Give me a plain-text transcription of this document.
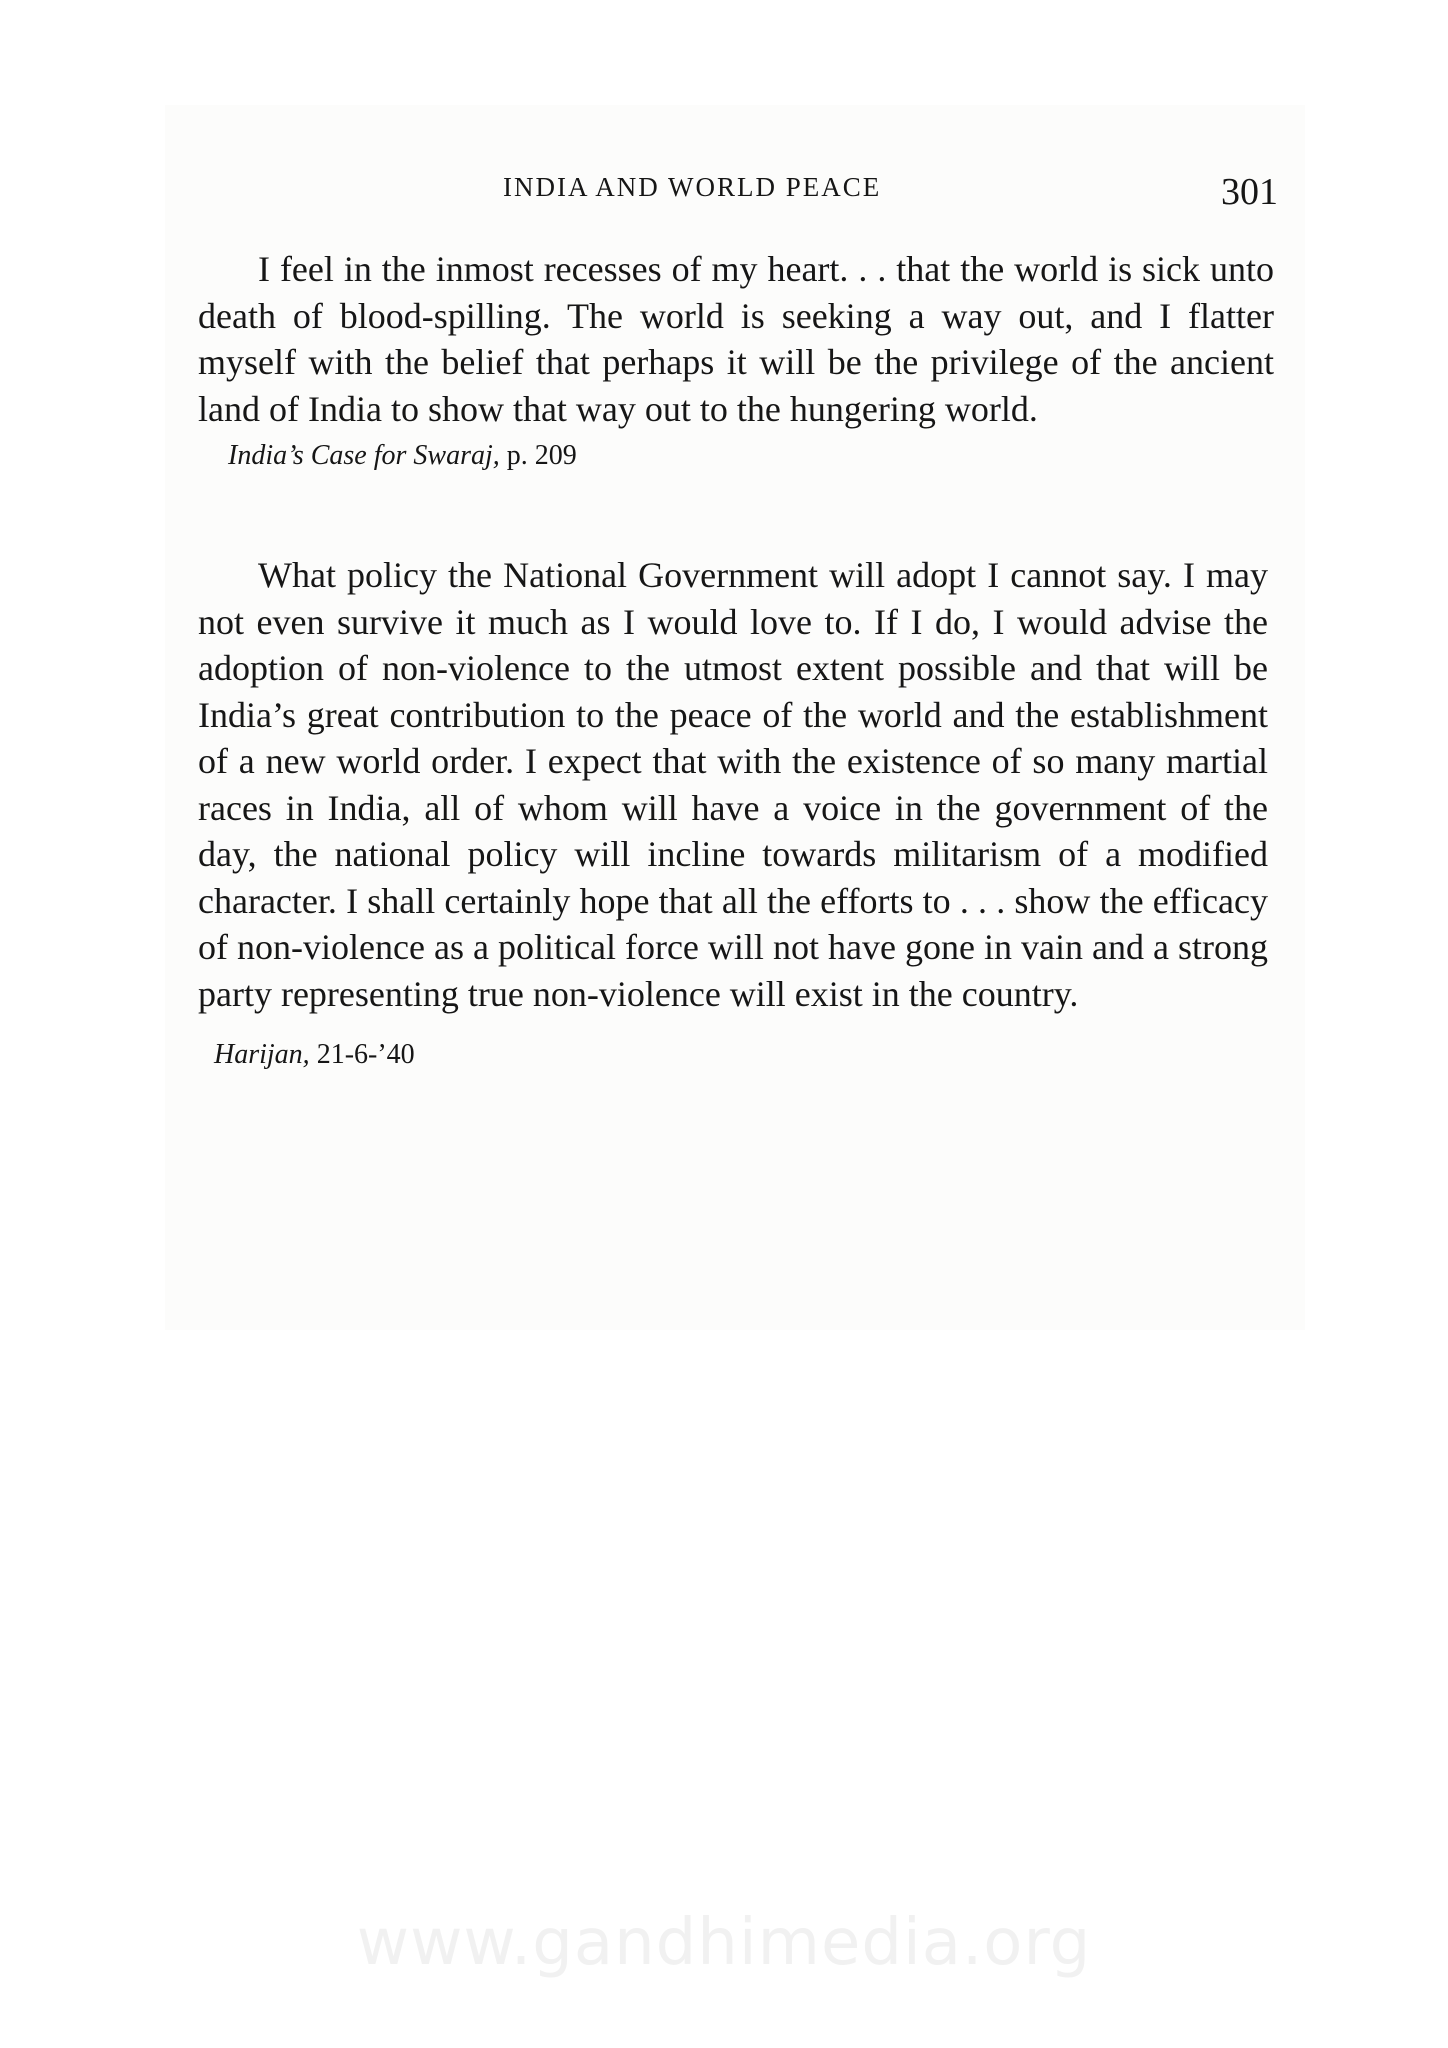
INDIA AND WORLD PEACE	301

I feel in the inmost recesses of my heart. . . that the world is sick unto death of blood-spilling. The world is seeking a way out, and I flatter myself with the belief that perhaps it will be the privilege of the ancient land of India to show that way out to the hungering world.

India’s Case for Swaraj, p. 209

What policy the National Government will adopt I cannot say. I may not even survive it much as I would love to. If I do, I would advise the adoption of non-violence to the utmost extent possible and that will be India’s great contribution to the peace of the world and the establishment of a new world order. I expect that with the existence of so many martial races in India, all of whom will have a voice in the government of the day, the national policy will incline towards militarism of a modified character. I shall certainly hope that all the efforts to . . . show the efficacy of non-violence as a political force will not have gone in vain and a strong party representing true non-violence will exist in the country.

Harijan, 21-6-’40

www.gandhimedia.org
